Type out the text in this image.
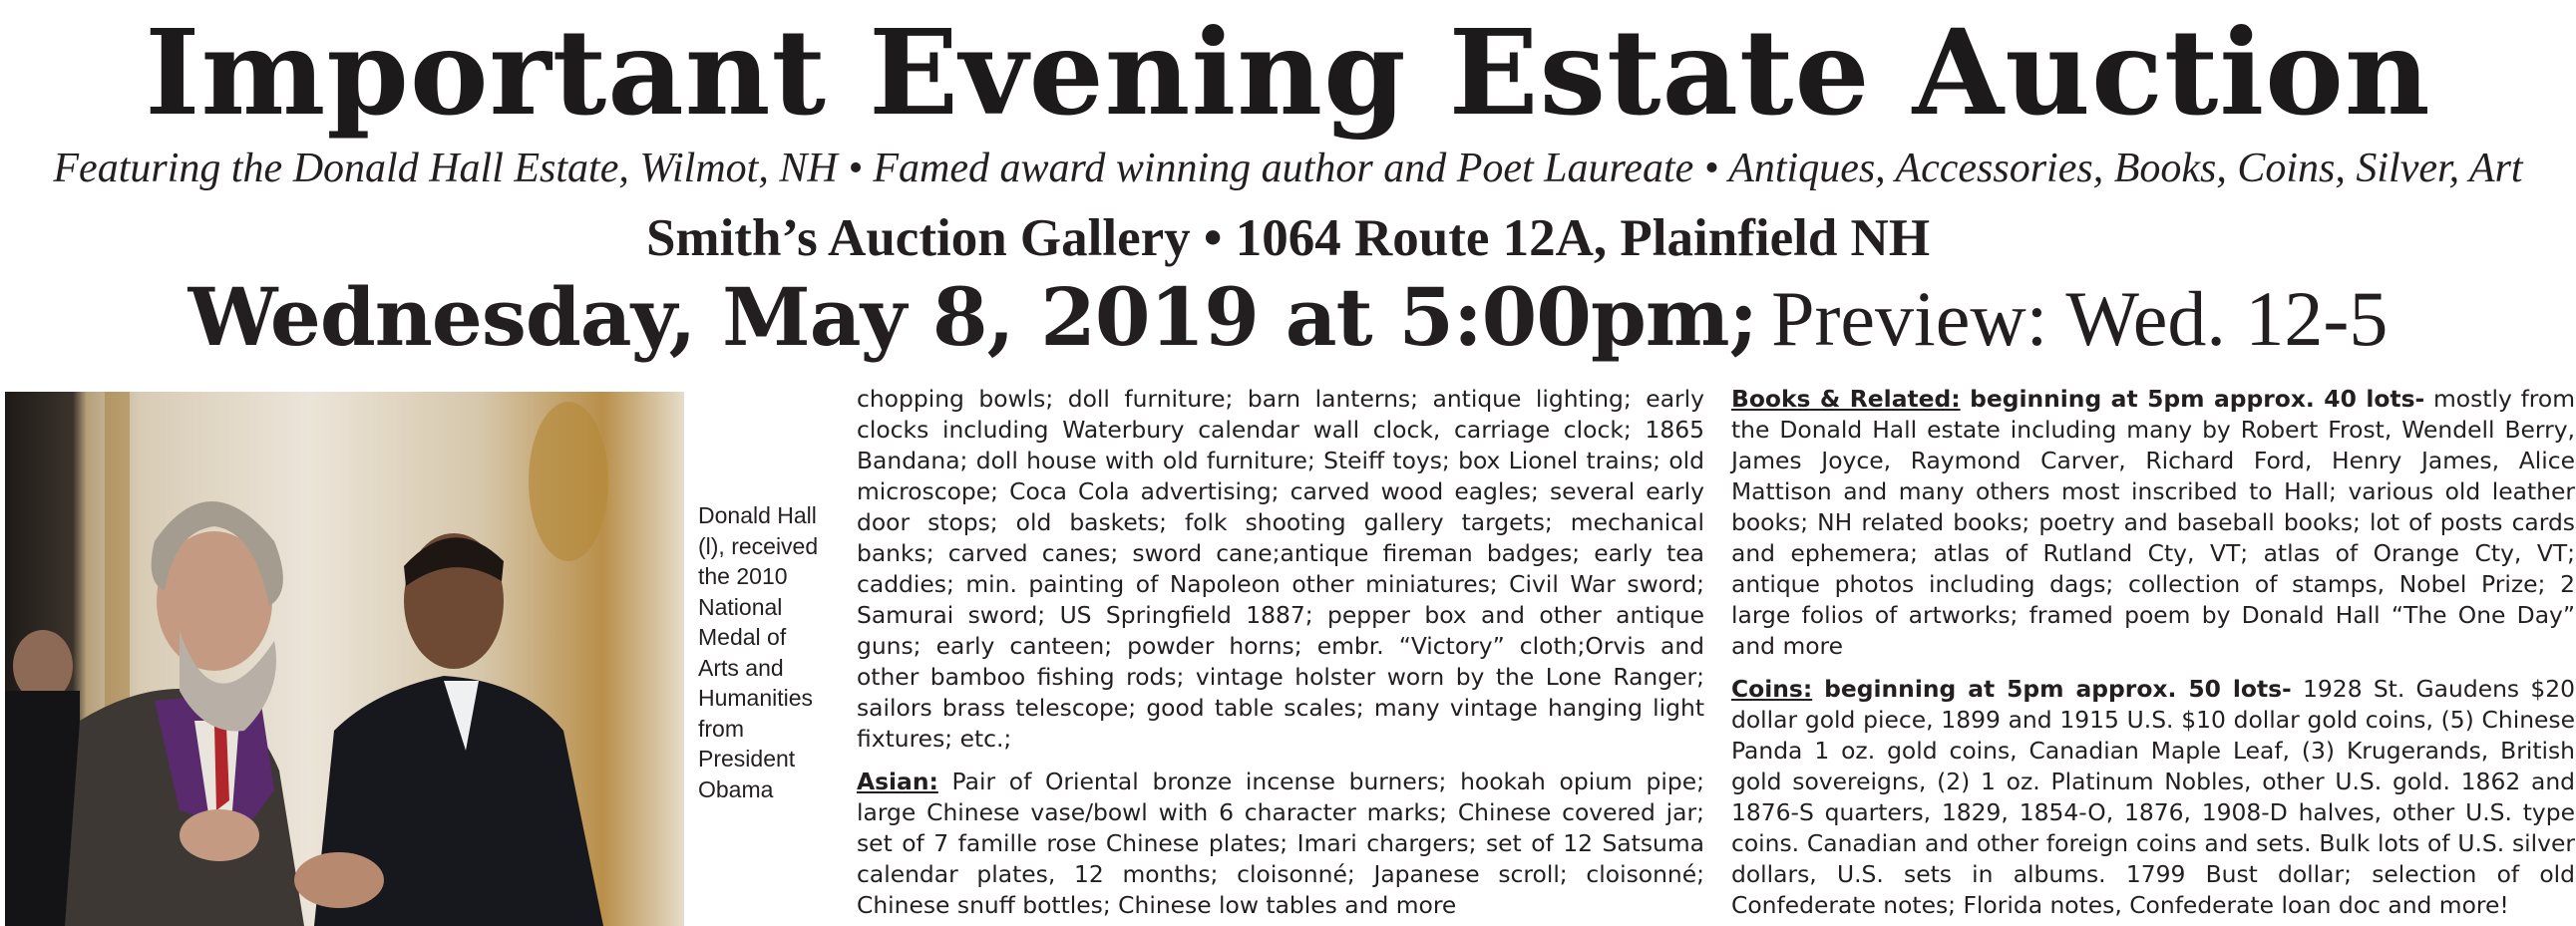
Important Evening Estate Auction
Featuring the Donald Hall Estate, Wilmot, NH • Famed award winning author and Poet Laureate • Antiques, Accessories, Books, Coins, Silver, Art
Smith’s Auction Gallery • 1064 Route 12A, Plainfield NH
Wednesday, May 8, 2019 at 5:00pm; Preview: Wed. 12-5
Donald Hall (l), received the 2010 National Medal of Arts and Humanities from President Obama

chopping bowls; doll furniture; barn lanterns; antique lighting; early clocks including Waterbury calendar wall clock, carriage clock; 1865 Bandana; doll house with old furniture; Steiff toys; box Lionel trains; old microscope; Coca Cola advertising; carved wood eagles; several early door stops; old baskets; folk shooting gallery targets; mechanical banks; carved canes; sword cane;antique fireman badges; early tea caddies; min. painting of Napoleon other miniatures; Civil War sword; Samurai sword; US Springfield 1887; pepper box and other antique guns; early canteen; powder horns; embr. “Victory” cloth;Orvis and other bamboo fishing rods; vintage holster worn by the Lone Ranger; sailors brass telescope; good table scales; many vintage hanging light fixtures; etc.;

Asian: Pair of Oriental bronze incense burners; hookah opium pipe; large Chinese vase/bowl with 6 character marks; Chinese covered jar; set of 7 famille rose Chinese plates; Imari chargers; set of 12 Satsuma calendar plates, 12 months; cloisonné; Japanese scroll; cloisonné; Chinese snuff bottles; Chinese low tables and more

Books & Related: beginning at 5pm approx. 40 lots- mostly from the Donald Hall estate including many by Robert Frost, Wendell Berry, James Joyce, Raymond Carver, Richard Ford, Henry James, Alice Mattison and many others most inscribed to Hall; various old leather books; NH related books; poetry and baseball books; lot of posts cards and ephemera; atlas of Rutland Cty, VT; atlas of Orange Cty, VT; antique photos including dags; collection of stamps, Nobel Prize; 2 large folios of artworks; framed poem by Donald Hall “The One Day” and more

Coins: beginning at 5pm approx. 50 lots- 1928 St. Gaudens $20 dollar gold piece, 1899 and 1915 U.S. $10 dollar gold coins, (5) Chinese Panda 1 oz. gold coins, Canadian Maple Leaf, (3) Krugerands, British gold sovereigns, (2) 1 oz. Platinum Nobles, other U.S. gold. 1862 and 1876-S quarters, 1829, 1854-O, 1876, 1908-D halves, other U.S. type coins. Canadian and other foreign coins and sets. Bulk lots of U.S. silver dollars, U.S. sets in albums. 1799 Bust dollar; selection of old Confederate notes; Florida notes, Confederate loan doc and more!
